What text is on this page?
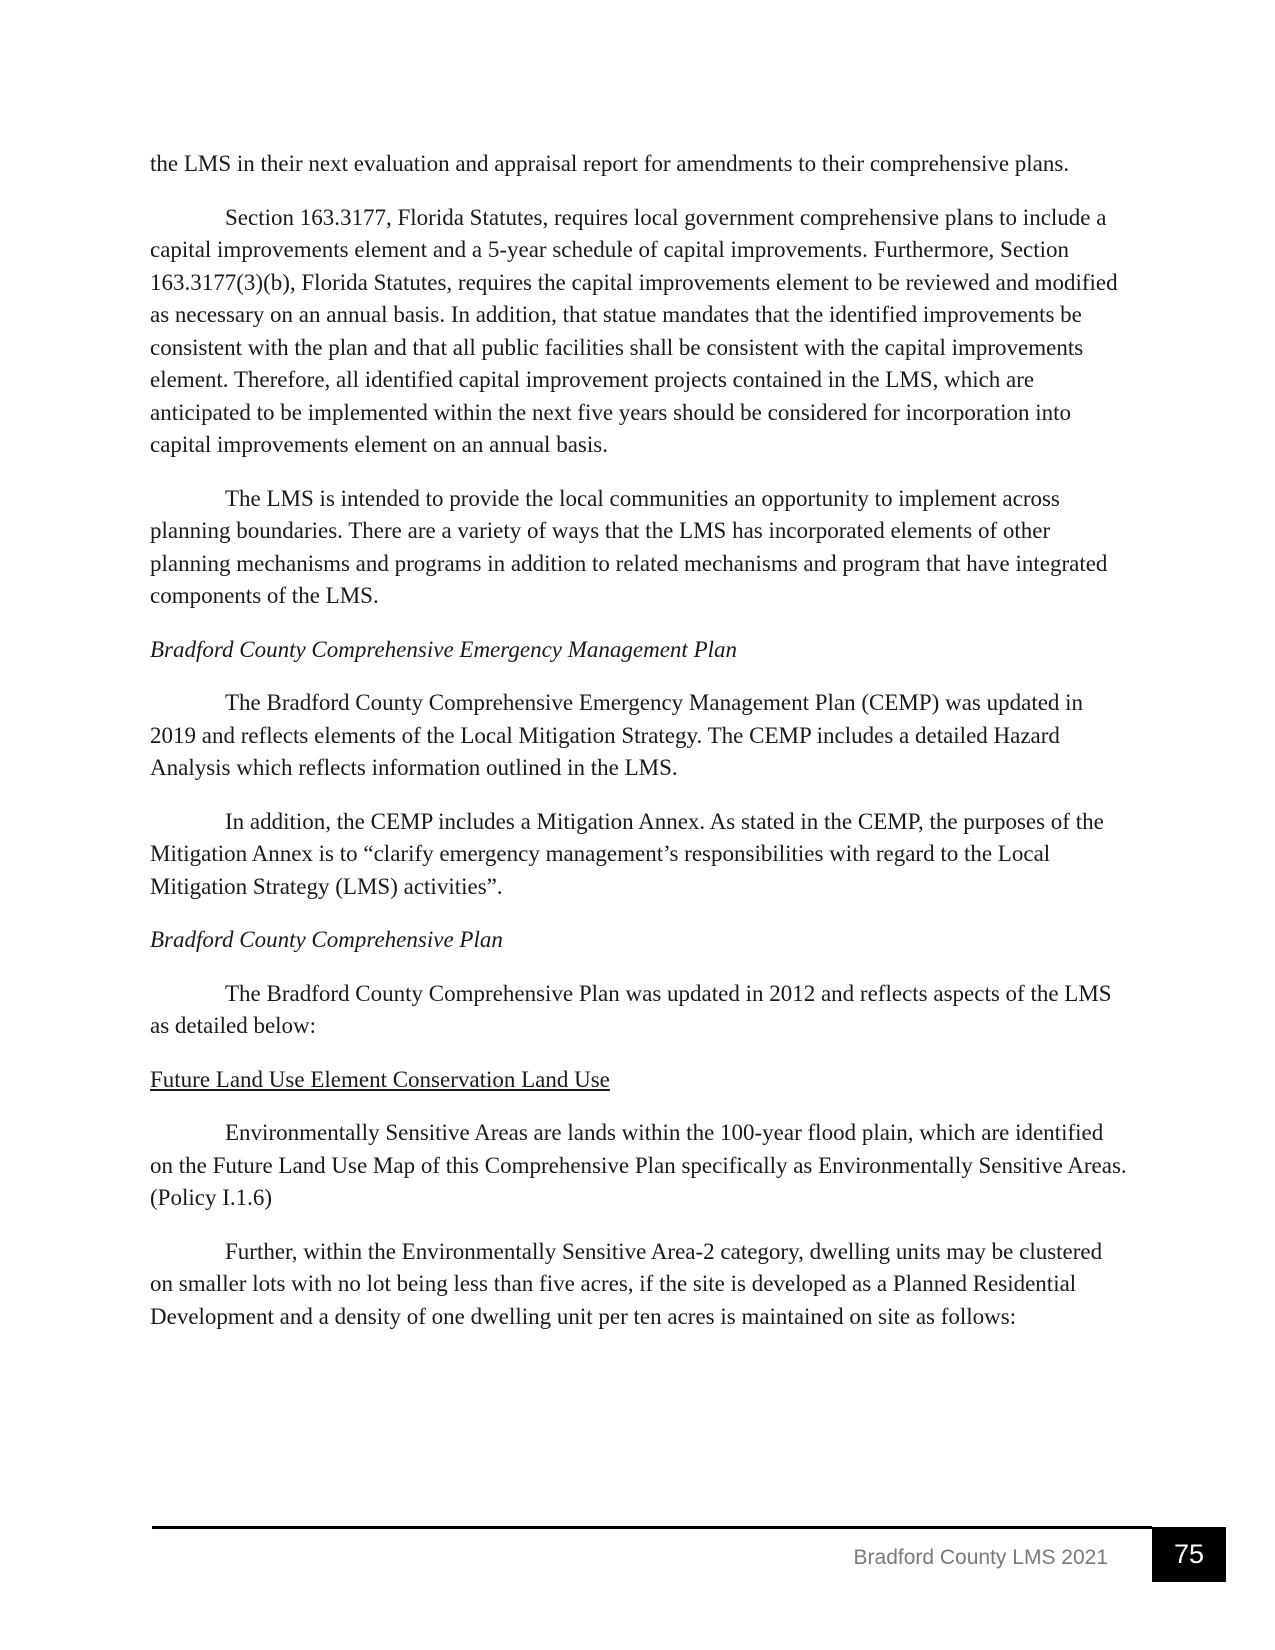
the LMS in their next evaluation and appraisal report for amendments to their comprehensive plans.

Section 163.3177, Florida Statutes, requires local government comprehensive plans to include a capital improvements element and a 5-year schedule of capital improvements. Furthermore, Section 163.3177(3)(b), Florida Statutes, requires the capital improvements element to be reviewed and modified as necessary on an annual basis. In addition, that statue mandates that the identified improvements be consistent with the plan and that all public facilities shall be consistent with the capital improvements element. Therefore, all identified capital improvement projects contained in the LMS, which are anticipated to be implemented within the next five years should be considered for incorporation into capital improvements element on an annual basis.

The LMS is intended to provide the local communities an opportunity to implement across planning boundaries. There are a variety of ways that the LMS has incorporated elements of other planning mechanisms and programs in addition to related mechanisms and program that have integrated components of the LMS.

Bradford County Comprehensive Emergency Management Plan

The Bradford County Comprehensive Emergency Management Plan (CEMP) was updated in 2019 and reflects elements of the Local Mitigation Strategy. The CEMP includes a detailed Hazard Analysis which reflects information outlined in the LMS.

In addition, the CEMP includes a Mitigation Annex. As stated in the CEMP, the purposes of the Mitigation Annex is to “clarify emergency management’s responsibilities with regard to the Local Mitigation Strategy (LMS) activities”.

Bradford County Comprehensive Plan

The Bradford County Comprehensive Plan was updated in 2012 and reflects aspects of the LMS as detailed below:

Future Land Use Element Conservation Land Use

Environmentally Sensitive Areas are lands within the 100-year flood plain, which are identified on the Future Land Use Map of this Comprehensive Plan specifically as Environmentally Sensitive Areas. (Policy I.1.6)

Further, within the Environmentally Sensitive Area-2 category, dwelling units may be clustered on smaller lots with no lot being less than five acres, if the site is developed as a Planned Residential Development and a density of one dwelling unit per ten acres is maintained on site as follows:

Bradford County LMS 2021	75
